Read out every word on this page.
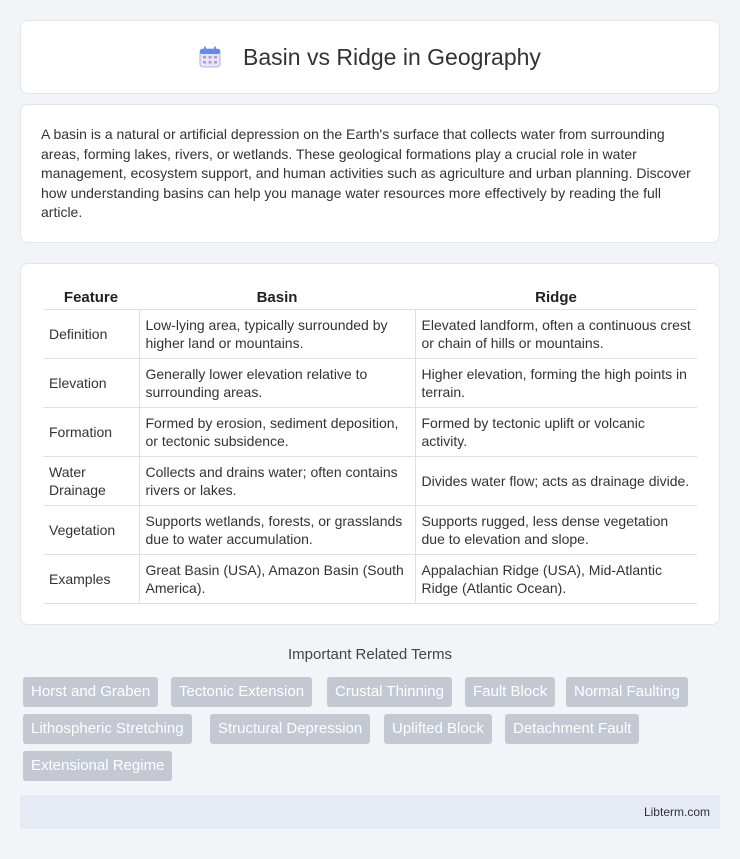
Basin vs Ridge in Geography

A basin is a natural or artificial depression on the Earth's surface that collects water from surrounding areas, forming lakes, rivers, or wetlands. These geological formations play a crucial role in water management, ecosystem support, and human activities such as agriculture and urban planning. Discover how understanding basins can help you manage water resources more effectively by reading the full article.

Feature	Basin	Ridge
Definition	Low-lying area, typically surrounded by higher land or mountains.	Elevated landform, often a continuous crest or chain of hills or mountains.
Elevation	Generally lower elevation relative to surrounding areas.	Higher elevation, forming the high points in terrain.
Formation	Formed by erosion, sediment deposition, or tectonic subsidence.	Formed by tectonic uplift or volcanic activity.
Water Drainage	Collects and drains water; often contains rivers or lakes.	Divides water flow; acts as drainage divide.
Vegetation	Supports wetlands, forests, or grasslands due to water accumulation.	Supports rugged, less dense vegetation due to elevation and slope.
Examples	Great Basin (USA), Amazon Basin (South America).	Appalachian Ridge (USA), Mid-Atlantic Ridge (Atlantic Ocean).
Important Related Terms
Horst and Graben	Tectonic Extension	Crustal Thinning	Fault Block	Normal Faulting
Lithospheric Stretching	Structural Depression	Uplifted Block	Detachment Fault
Extensional Regime
Libterm.com
